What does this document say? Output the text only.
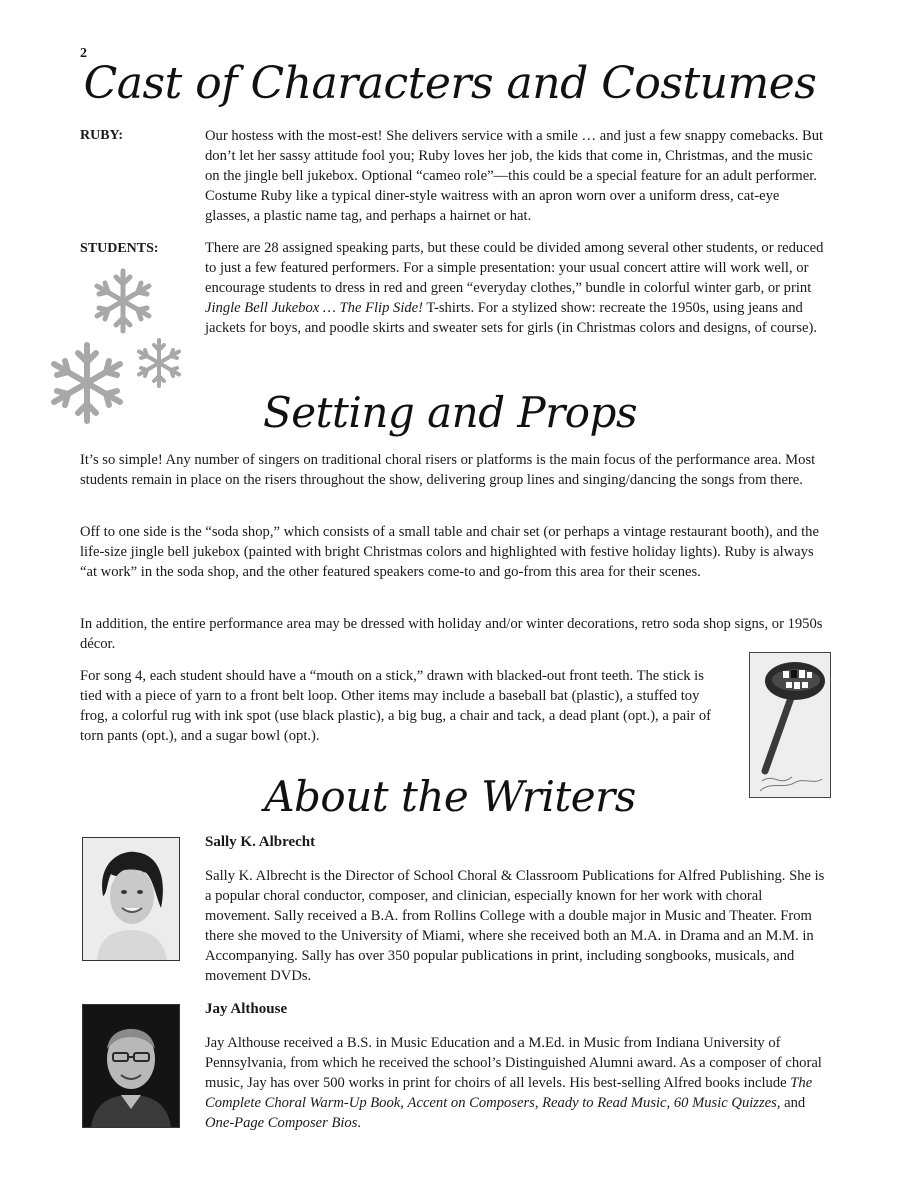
2
Cast of Characters and Costumes
RUBY:	Our hostess with the most-est! She delivers service with a smile … and just a few snappy comebacks. But don’t let her sassy attitude fool you; Ruby loves her job, the kids that come in, Christmas, and the music on the jingle bell jukebox. Optional “cameo role”—this could be a special feature for an adult performer. Costume Ruby like a typical diner-style waitress with an apron worn over a uniform dress, cat-eye glasses, a plastic name tag, and perhaps a hairnet or hat.

STUDENTS:	There are 28 assigned speaking parts, but these could be divided among several other students, or reduced to just a few featured performers. For a simple presentation: your usual concert attire will work well, or encourage students to dress in red and green “everyday clothes,” bundle in colorful winter garb, or print Jingle Bell Jukebox … The Flip Side! T-shirts. For a stylized show: recreate the 1950s, using jeans and jackets for boys, and poodle skirts and sweater sets for girls (in Christmas colors and designs, of course).

Setting and Props

It’s so simple! Any number of singers on traditional choral risers or platforms is the main focus of the performance area. Most students remain in place on the risers throughout the show, delivering group lines and singing/dancing the songs from there.

Off to one side is the “soda shop,” which consists of a small table and chair set (or perhaps a vintage restaurant booth), and the life-size jingle bell jukebox (painted with bright Christmas colors and highlighted with festive holiday lights). Ruby is always “at work” in the soda shop, and the other featured speakers come-to and go-from this area for their scenes.

In addition, the entire performance area may be dressed with holiday and/or winter decorations, retro soda shop signs, or 1950s décor.

For song 4, each student should have a “mouth on a stick,” drawn with blacked-out front teeth. The stick is tied with a piece of yarn to a front belt loop. Other items may include a baseball bat (plastic), a stuffed toy frog, a colorful rug with ink spot (use black plastic), a big bug, a chair and tack, a dead plant (opt.), a pair of torn pants (opt.), and a sugar bowl (opt.).

About the Writers
Sally K. Albrecht

Sally K. Albrecht is the Director of School Choral & Classroom Publications for Alfred Publishing. She is a popular choral conductor, composer, and clinician, especially known for her work with choral movement. Sally received a B.A. from Rollins College with a double major in Music and Theater. From there she moved to the University of Miami, where she received both an M.A. in Drama and an M.M. in Accompanying. Sally has over 350 popular publications in print, including songbooks, musicals, and movement DVDs.

Jay Althouse

Jay Althouse received a B.S. in Music Education and a M.Ed. in Music from Indiana University of Pennsylvania, from which he received the school’s Distinguished Alumni award. As a composer of choral music, Jay has over 500 works in print for choirs of all levels. His best-selling Alfred books include The Complete Choral Warm-Up Book, Accent on Composers, Ready to Read Music, 60 Music Quizzes, and One-Page Composer Bios.
